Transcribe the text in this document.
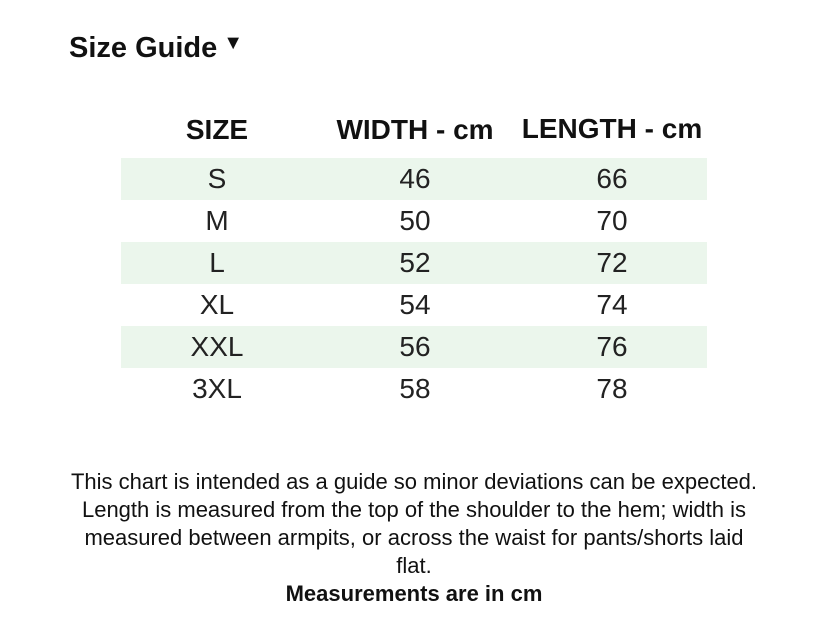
Size Guide ▼
SIZE	WIDTH - cm	LENGTH - cm
S	46	66
M	50	70
L	52	72
XL	54	74
XXL	56	76
3XL	58	78
This chart is intended as a guide so minor deviations can be expected. Length is measured from the top of the shoulder to the hem; width is measured between armpits, or across the waist for pants/shorts laid flat.
Measurements are in cm
